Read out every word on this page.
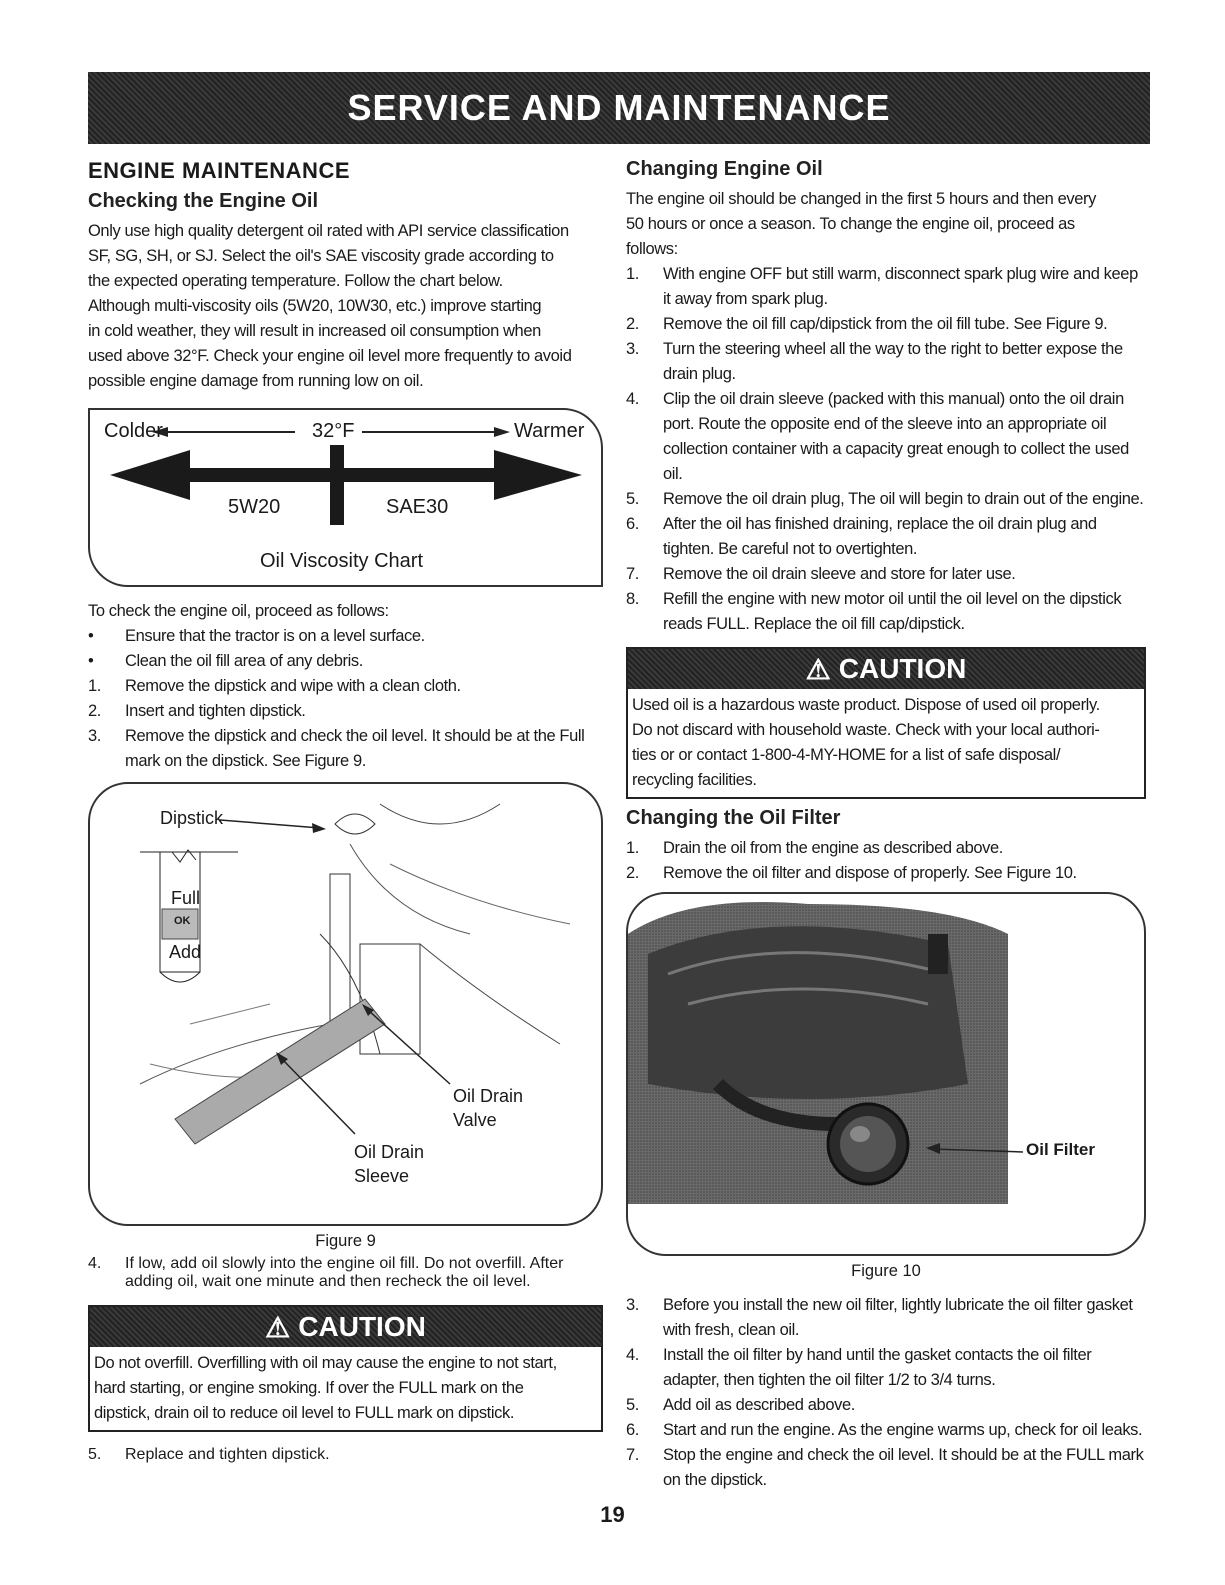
SERVICE AND MAINTENANCE
ENGINE MAINTENANCE
Checking the Engine Oil

Only use high quality detergent oil rated with API service classification

SF, SG, SH, or SJ. Select the oil's SAE viscosity grade according to

the expected operating temperature. Follow the chart below.

Although multi-viscosity oils (5W20, 10W30, etc.) improve starting

in cold weather, they will result in increased oil consumption when

used above 32°F. Check your engine oil level more frequently to avoid

possible engine damage from running low on oil.

Colder	32°F	Warmer
5W20	SAE30
Oil Viscosity Chart

To check the engine oil, proceed as follows:

•	Ensure that the tractor is on a level surface.
•	Clean the oil fill area of any debris.
1.	Remove the dipstick and wipe with a clean cloth.
2.	Insert and tighten dipstick.
3.	Remove the dipstick and check the oil level. It should be at the Full mark on the dipstick. See Figure 9.
Dipstick
Full
OK
Add
Oil Drain
Valve
Oil Drain
Sleeve
Figure 9
4.	If low, add oil slowly into the engine oil fill. Do not overfill. After adding oil, wait one minute and then recheck the oil level.
⚠ CAUTION

Do not overfill. Overfilling with oil may cause the engine to not start,

hard starting, or engine smoking. If over the FULL mark on the

dipstick, drain oil to reduce oil level to FULL mark on dipstick.

5.	Replace and tighten dipstick.
Changing Engine Oil

The engine oil should be changed in the first 5 hours and then every

50 hours or once a season. To change the engine oil, proceed as

follows:

1.	With engine OFF but still warm, disconnect spark plug wire and keep it away from spark plug.
2.	Remove the oil fill cap/dipstick from the oil fill tube. See Figure 9.
3.	Turn the steering wheel all the way to the right to better expose the drain plug.
4.	Clip the oil drain sleeve (packed with this manual) onto the oil drain port. Route the opposite end of the sleeve into an appropriate oil collection container with a capacity great enough to collect the used oil.
5.	Remove the oil drain plug, The oil will begin to drain out of the engine.
6.	After the oil has finished draining, replace the oil drain plug and tighten. Be careful not to overtighten.
7.	Remove the oil drain sleeve and store for later use.
8.	Refill the engine with new motor oil until the oil level on the dipstick reads FULL. Replace the oil fill cap/dipstick.
⚠ CAUTION

Used oil is a hazardous waste product. Dispose of used oil properly.

Do not discard with household waste. Check with your local authori-

ties or or contact 1-800-4-MY-HOME for a list of safe disposal/

recycling facilities.

Changing the Oil Filter
1.	Drain the oil from the engine as described above.
2.	Remove the oil filter and dispose of properly. See Figure 10.
Oil Filter
Figure 10
3.	Before you install the new oil filter, lightly lubricate the oil filter gasket with fresh, clean oil.
4.	Install the oil filter by hand until the gasket contacts the oil filter adapter, then tighten the oil filter 1/2 to 3/4 turns.
5.	Add oil as described above.
6.	Start and run the engine. As the engine warms up, check for oil leaks.
7.	Stop the engine and check the oil level. It should be at the FULL mark on the dipstick.
19
